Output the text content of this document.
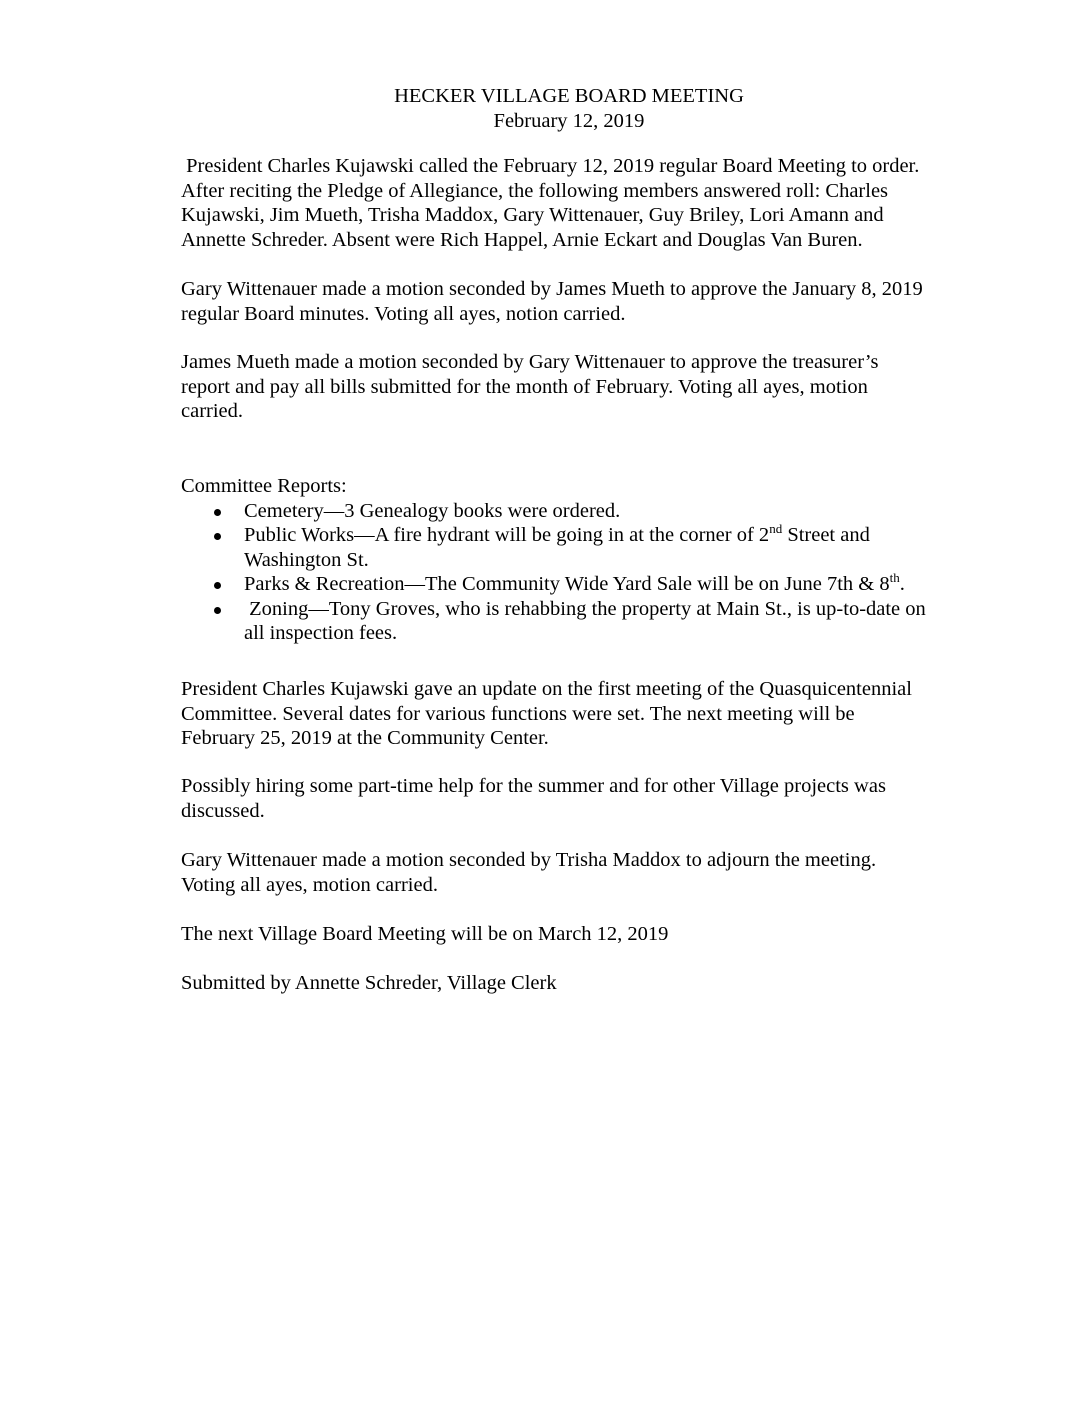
HECKER VILLAGE BOARD MEETING
February 12, 2019

President Charles Kujawski called the February 12, 2019 regular Board Meeting to order.

After reciting the Pledge of Allegiance, the following members answered roll: Charles

Kujawski, Jim Mueth, Trisha Maddox, Gary Wittenauer, Guy Briley, Lori Amann and

Annette Schreder. Absent were Rich Happel, Arnie Eckart and Douglas Van Buren.

Gary Wittenauer made a motion seconded by James Mueth to approve the January 8, 2019

regular Board minutes. Voting all ayes, notion carried.

James Mueth made a motion seconded by Gary Wittenauer to approve the treasurer’s

report and pay all bills submitted for the month of February. Voting all ayes, motion

carried.

Committee Reports:

Cemetery—3 Genealogy books were ordered.
Public Works—A fire hydrant will be going in at the corner of 2nd Street and
Washington St.
Parks & Recreation—The Community Wide Yard Sale will be on June 7th & 8th.
Zoning—Tony Groves, who is rehabbing the property at Main St., is up-to-date on
all inspection fees.

President Charles Kujawski gave an update on the first meeting of the Quasquicentennial

Committee. Several dates for various functions were set. The next meeting will be

February 25, 2019 at the Community Center.

Possibly hiring some part-time help for the summer and for other Village projects was

discussed.

Gary Wittenauer made a motion seconded by Trisha Maddox to adjourn the meeting.

Voting all ayes, motion carried.

The next Village Board Meeting will be on March 12, 2019

Submitted by Annette Schreder, Village Clerk
